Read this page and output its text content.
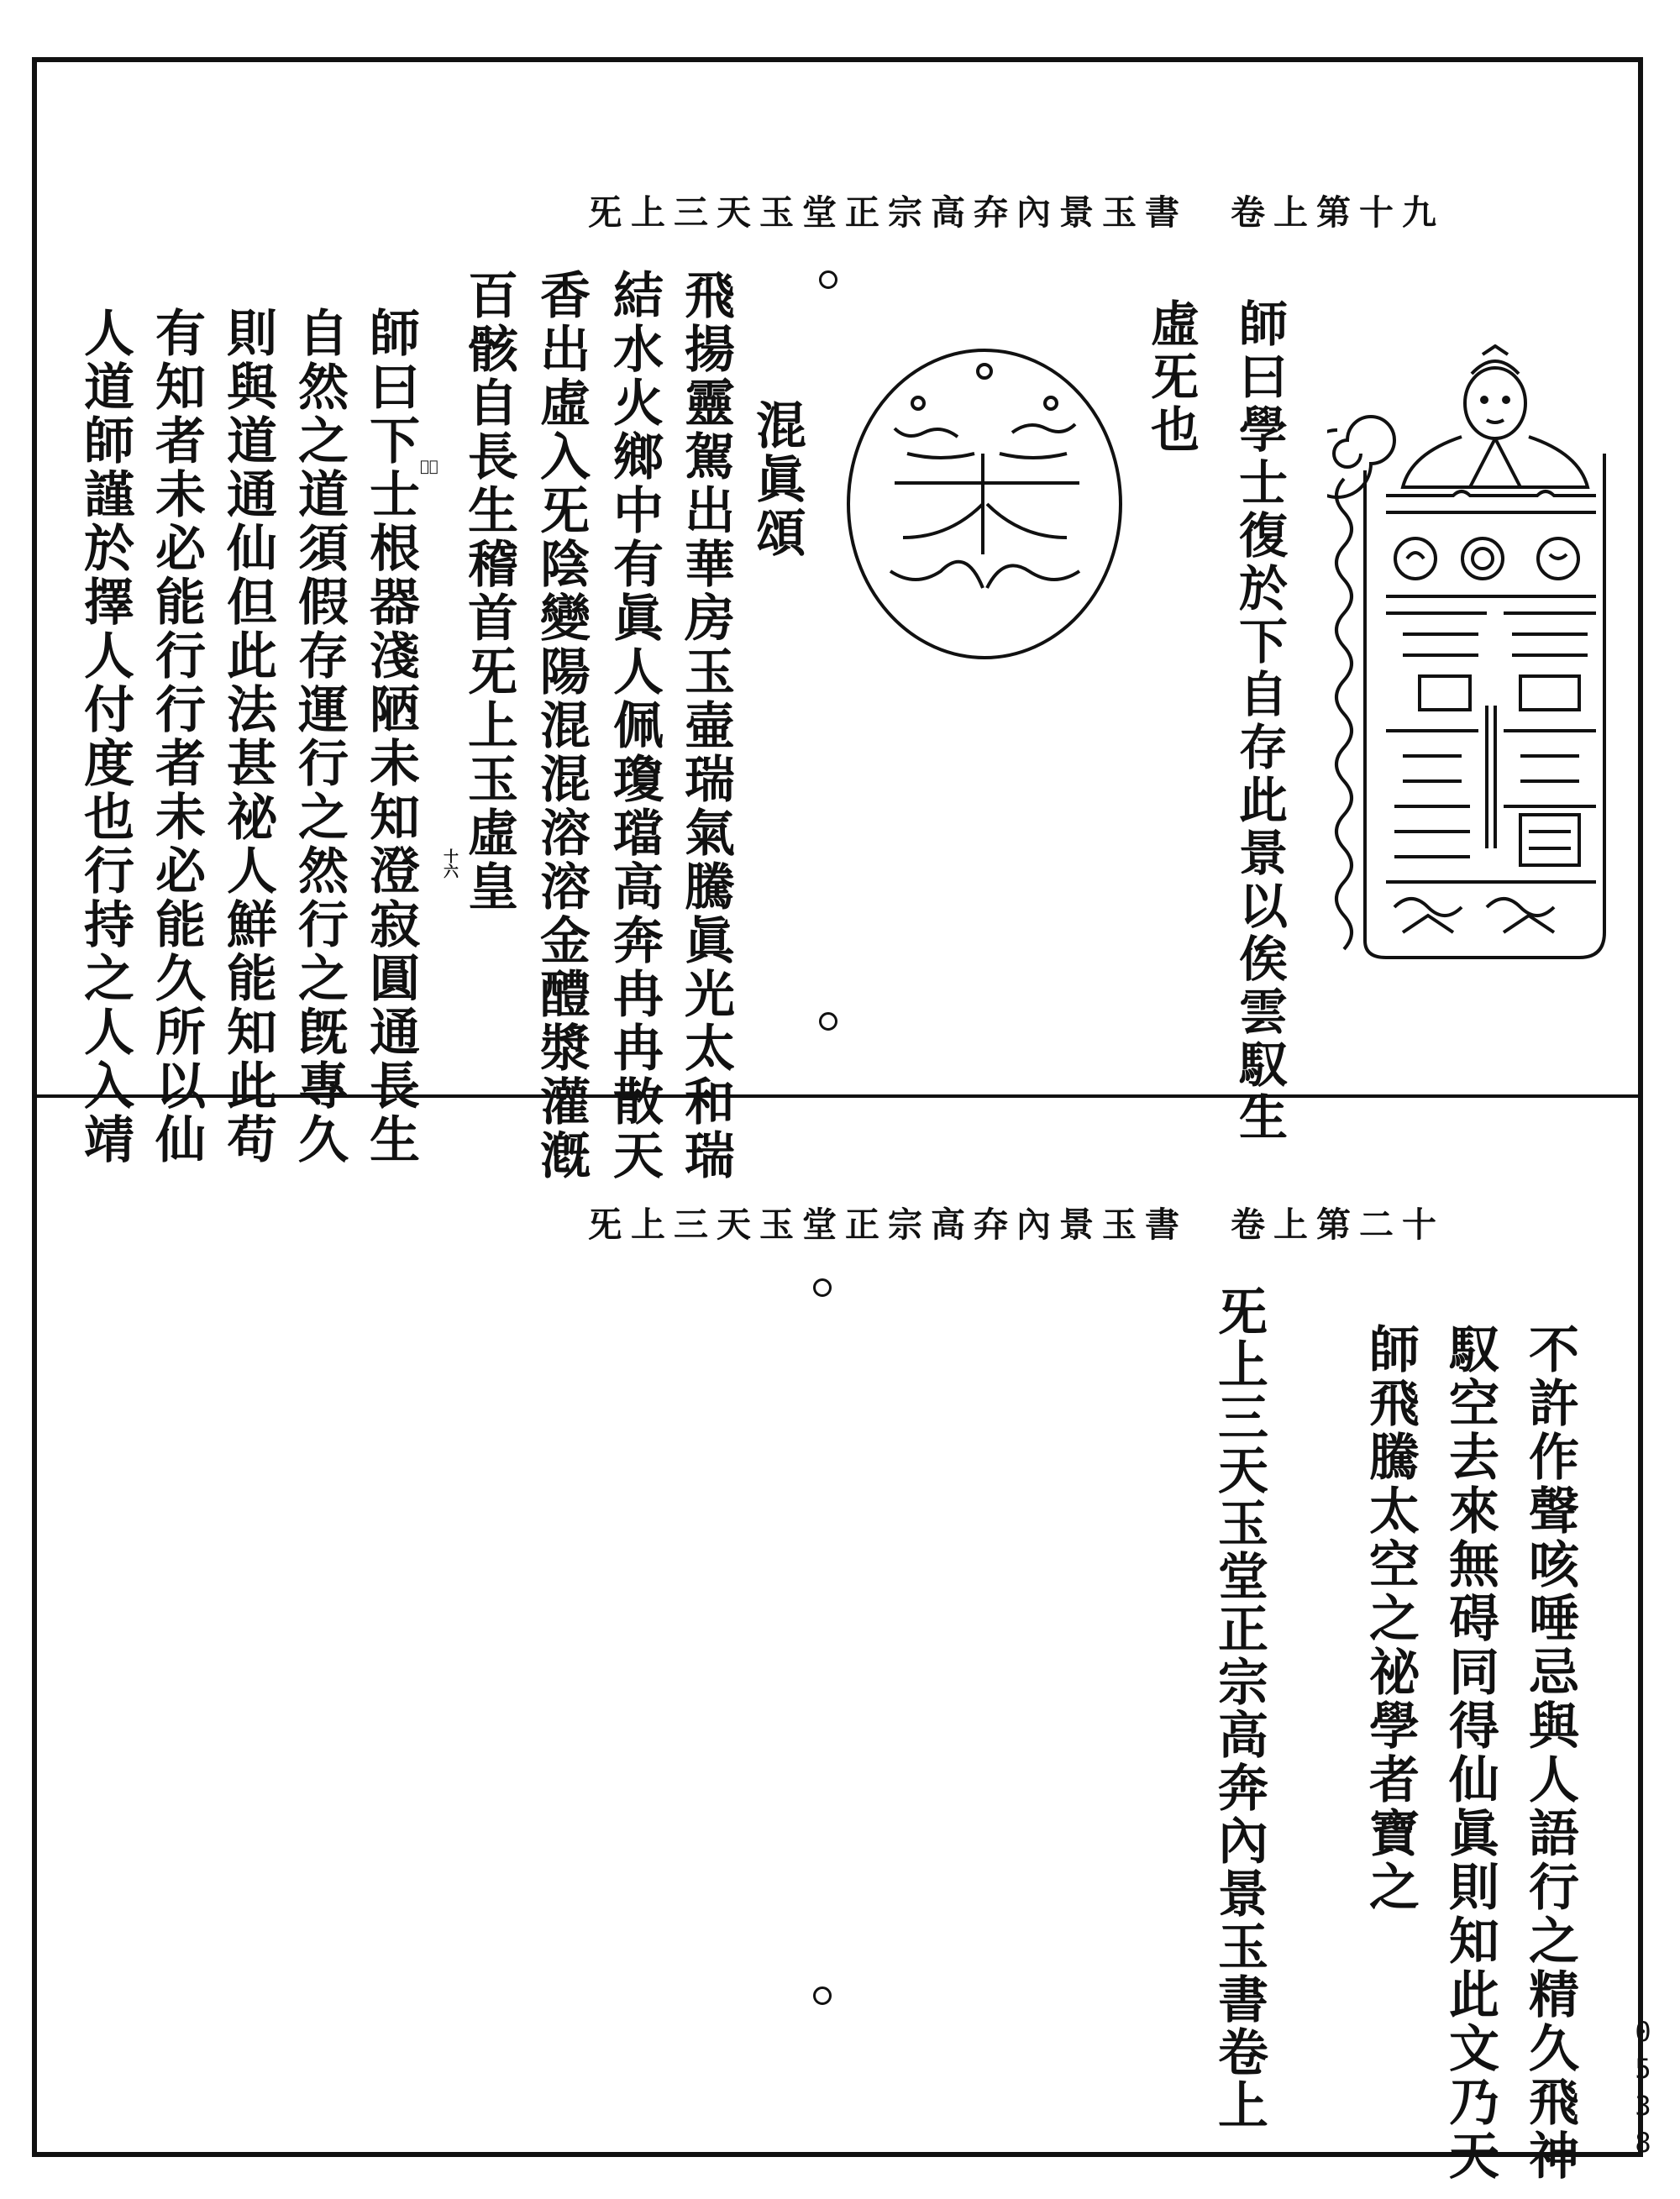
九十第上卷　書玉景內㚏高宗正堂玉天三上旡
師曰學士復於下自存此景以俟雲馭生
虛旡也
天
混眞頌
飛揚靈駕出華房玉壷瑞氣騰眞光太和瑞
結水火鄉中有眞人佩瓊璫高奔冉冉散天
香出虛入旡陰變陽混混溶溶金醴漿灌漑
百骸自長生稽首旡上玉虛皇
𪫟五
十六
師曰下士根器淺陋未知澄寂圓通長生
自然之道須假存運行之然行之旣專久
則與道通仙但此法甚祕人鮮能知此苟
有知者未必能行行者未必能久所以仙
人道師謹於擇人付度也行持之人入靖
十二第上卷　書玉景內㚏高宗正堂玉天三上旡
不許作聲咳唾忌與人語行之精久飛神
馭空去來無碍同得仙眞則知此文乃天
師飛騰太空之祕學者寶之
旡上三天玉堂正宗高奔內景玉書卷上	0538
